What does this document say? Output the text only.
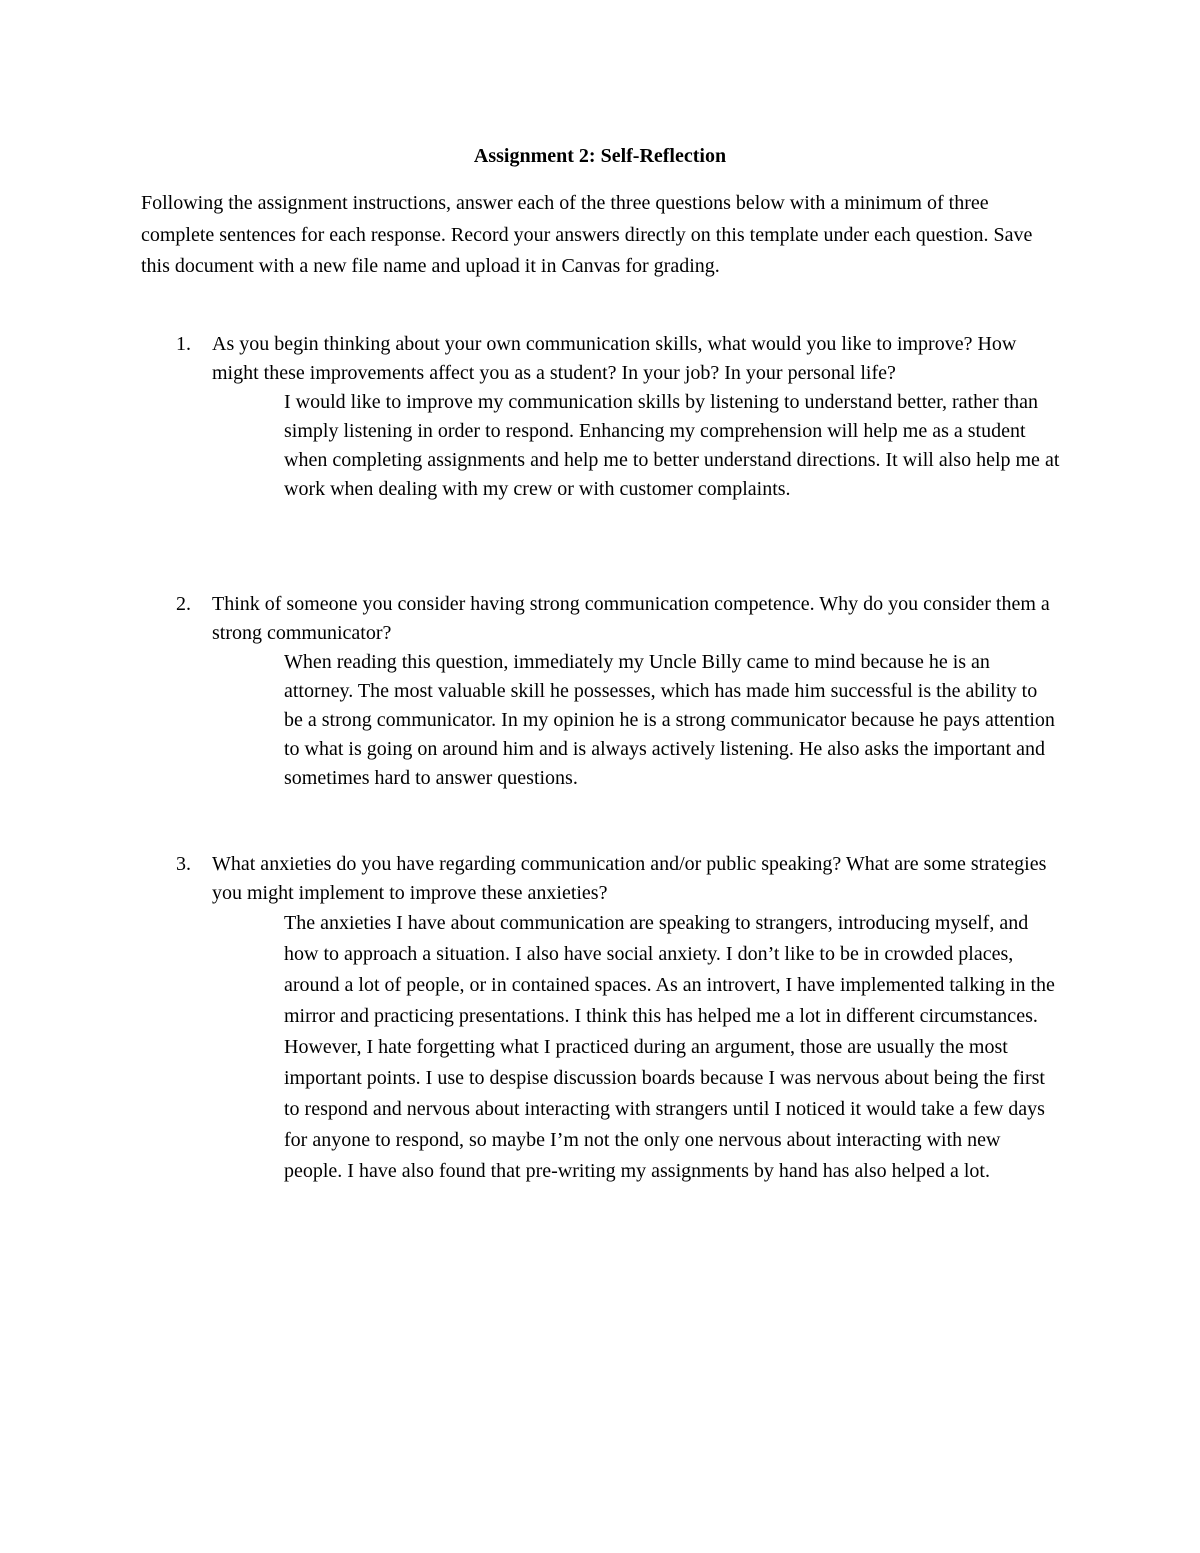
Assignment 2: Self-Reflection

Following the assignment instructions, answer each of the three questions below with a minimum of three complete sentences for each response. Record your answers directly on this template under each question. Save this document with a new file name and upload it in Canvas for grading.

1. As you begin thinking about your own communication skills, what would you like to improve? How might these improvements affect you as a student? In your job? In your personal life?

I would like to improve my communication skills by listening to understand better, rather than simply listening in order to respond. Enhancing my comprehension will help me as a student when completing assignments and help me to better understand directions. It will also help me at work when dealing with my crew or with customer complaints.

2. Think of someone you consider having strong communication competence. Why do you consider them a strong communicator?

When reading this question, immediately my Uncle Billy came to mind because he is an attorney. The most valuable skill he possesses, which has made him successful is the ability to be a strong communicator. In my opinion he is a strong communicator because he pays attention to what is going on around him and is always actively listening. He also asks the important and sometimes hard to answer questions.

3. What anxieties do you have regarding communication and/or public speaking? What are some strategies you might implement to improve these anxieties?

The anxieties I have about communication are speaking to strangers, introducing myself, and how to approach a situation. I also have social anxiety. I don’t like to be in crowded places, around a lot of people, or in contained spaces. As an introvert, I have implemented talking in the mirror and practicing presentations. I think this has helped me a lot in different circumstances. However, I hate forgetting what I practiced during an argument, those are usually the most important points. I use to despise discussion boards because I was nervous about being the first to respond and nervous about interacting with strangers until I noticed it would take a few days for anyone to respond, so maybe I’m not the only one nervous about interacting with new people. I have also found that pre-writing my assignments by hand has also helped a lot.
